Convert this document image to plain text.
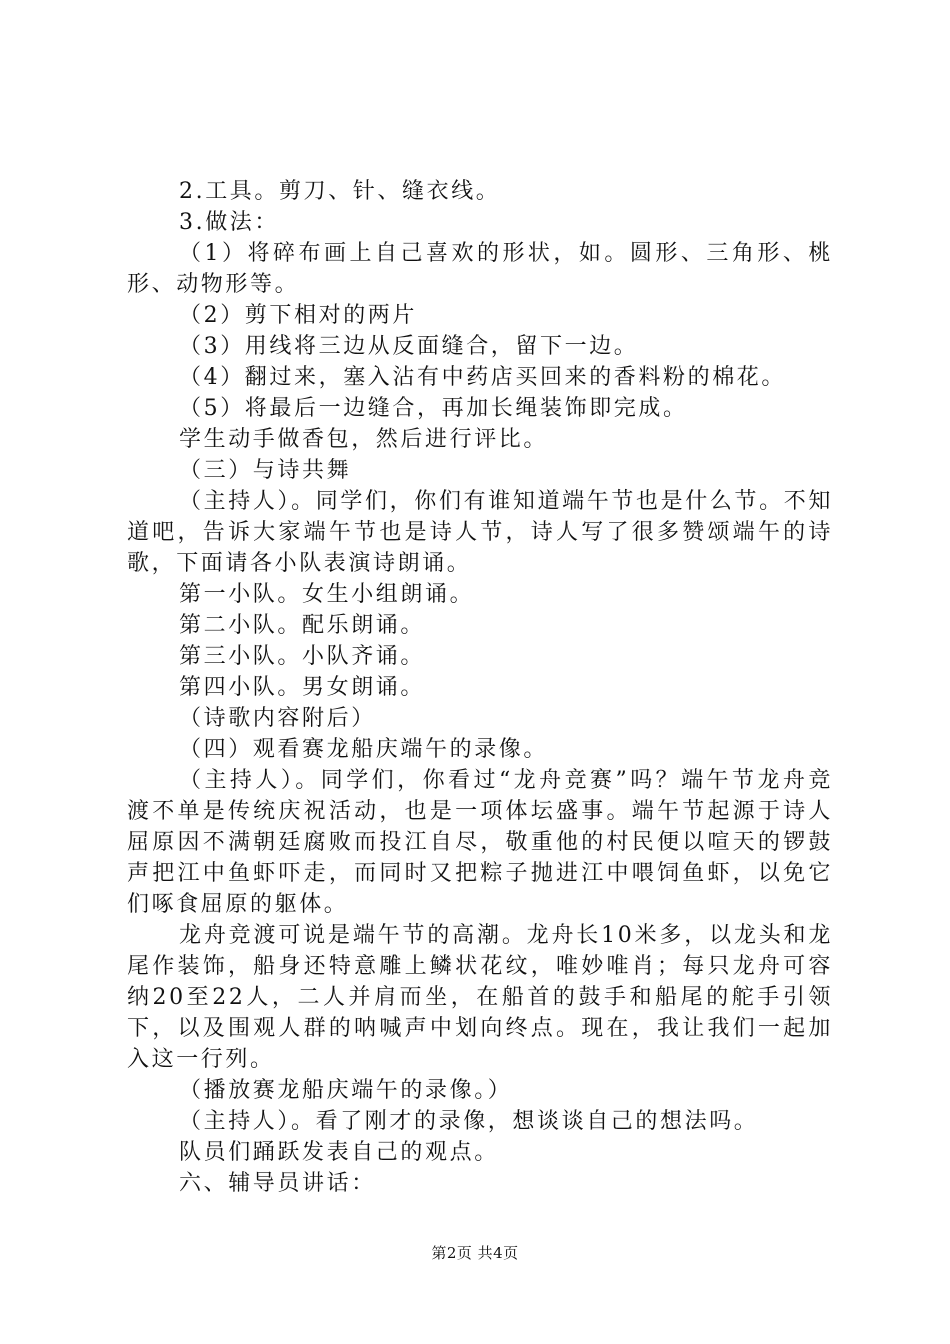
2.工具。剪刀、针、缝衣线。

3.做法：

（1）将碎布画上自己喜欢的形状，如。圆形、三角形、桃形、动物形等。

（2）剪下相对的两片

（3）用线将三边从反面缝合，留下一边。

（4）翻过来，塞入沾有中药店买回来的香料粉的棉花。

（5）将最后一边缝合，再加长绳装饰即完成。

学生动手做香包，然后进行评比。

（三）与诗共舞

（主持人）。同学们，你们有谁知道端午节也是什么节。不知道吧，告诉大家端午节也是诗人节，诗人写了很多赞颂端午的诗歌，下面请各小队表演诗朗诵。

第一小队。女生小组朗诵。

第二小队。配乐朗诵。

第三小队。小队齐诵。

第四小队。男女朗诵。

（诗歌内容附后）

（四）观看赛龙船庆端午的录像。

（主持人）。同学们，你看过“龙舟竞赛”吗？端午节龙舟竞渡不单是传统庆祝活动，也是一项体坛盛事。端午节起源于诗人屈原因不满朝廷腐败而投江自尽，敬重他的村民便以喧天的锣鼓声把江中鱼虾吓走，而同时又把粽子抛进江中喂饲鱼虾，以免它们啄食屈原的躯体。

龙舟竞渡可说是端午节的高潮。龙舟长10米多，以龙头和龙尾作装饰，船身还特意雕上鳞状花纹，唯妙唯肖；每只龙舟可容纳20至22人，二人并肩而坐，在船首的鼓手和船尾的舵手引领下，以及围观人群的呐喊声中划向终点。现在，我让我们一起加入这一行列。

（播放赛龙船庆端午的录像。）

（主持人）。看了刚才的录像，想谈谈自己的想法吗。

队员们踊跃发表自己的观点。

六、辅导员讲话：

第2页 共4页
